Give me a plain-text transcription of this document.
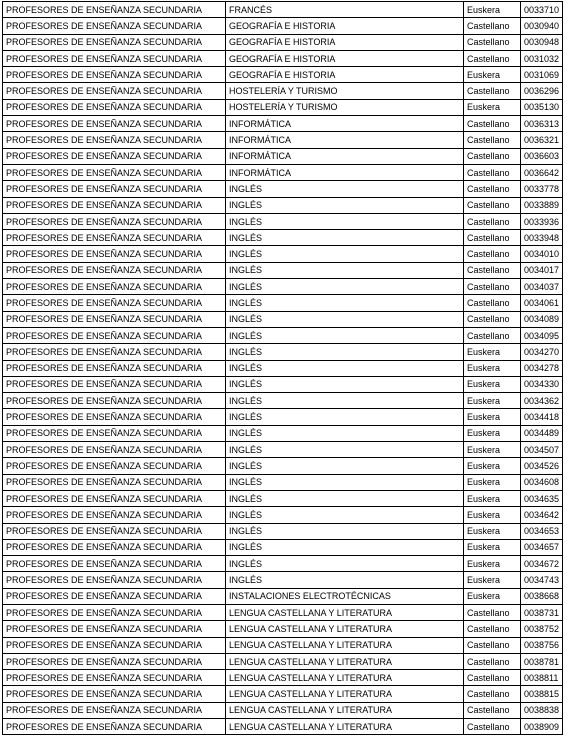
PROFESORES DE ENSEÑANZA SECUNDARIA	FRANCÉS	Euskera	0033710
PROFESORES DE ENSEÑANZA SECUNDARIA	GEOGRAFÍA E HISTORIA	Castellano	0030940
PROFESORES DE ENSEÑANZA SECUNDARIA	GEOGRAFÍA E HISTORIA	Castellano	0030948
PROFESORES DE ENSEÑANZA SECUNDARIA	GEOGRAFÍA E HISTORIA	Castellano	0031032
PROFESORES DE ENSEÑANZA SECUNDARIA	GEOGRAFÍA E HISTORIA	Euskera	0031069
PROFESORES DE ENSEÑANZA SECUNDARIA	HOSTELERÍA Y TURISMO	Castellano	0036296
PROFESORES DE ENSEÑANZA SECUNDARIA	HOSTELERÍA Y TURISMO	Euskera	0035130
PROFESORES DE ENSEÑANZA SECUNDARIA	INFORMÁTICA	Castellano	0036313
PROFESORES DE ENSEÑANZA SECUNDARIA	INFORMÁTICA	Castellano	0036321
PROFESORES DE ENSEÑANZA SECUNDARIA	INFORMÁTICA	Castellano	0036603
PROFESORES DE ENSEÑANZA SECUNDARIA	INFORMÁTICA	Castellano	0036642
PROFESORES DE ENSEÑANZA SECUNDARIA	INGLÉS	Castellano	0033778
PROFESORES DE ENSEÑANZA SECUNDARIA	INGLÉS	Castellano	0033889
PROFESORES DE ENSEÑANZA SECUNDARIA	INGLÉS	Castellano	0033936
PROFESORES DE ENSEÑANZA SECUNDARIA	INGLÉS	Castellano	0033948
PROFESORES DE ENSEÑANZA SECUNDARIA	INGLÉS	Castellano	0034010
PROFESORES DE ENSEÑANZA SECUNDARIA	INGLÉS	Castellano	0034017
PROFESORES DE ENSEÑANZA SECUNDARIA	INGLÉS	Castellano	0034037
PROFESORES DE ENSEÑANZA SECUNDARIA	INGLÉS	Castellano	0034061
PROFESORES DE ENSEÑANZA SECUNDARIA	INGLÉS	Castellano	0034089
PROFESORES DE ENSEÑANZA SECUNDARIA	INGLÉS	Castellano	0034095
PROFESORES DE ENSEÑANZA SECUNDARIA	INGLÉS	Euskera	0034270
PROFESORES DE ENSEÑANZA SECUNDARIA	INGLÉS	Euskera	0034278
PROFESORES DE ENSEÑANZA SECUNDARIA	INGLÉS	Euskera	0034330
PROFESORES DE ENSEÑANZA SECUNDARIA	INGLÉS	Euskera	0034362
PROFESORES DE ENSEÑANZA SECUNDARIA	INGLÉS	Euskera	0034418
PROFESORES DE ENSEÑANZA SECUNDARIA	INGLÉS	Euskera	0034489
PROFESORES DE ENSEÑANZA SECUNDARIA	INGLÉS	Euskera	0034507
PROFESORES DE ENSEÑANZA SECUNDARIA	INGLÉS	Euskera	0034526
PROFESORES DE ENSEÑANZA SECUNDARIA	INGLÉS	Euskera	0034608
PROFESORES DE ENSEÑANZA SECUNDARIA	INGLÉS	Euskera	0034635
PROFESORES DE ENSEÑANZA SECUNDARIA	INGLÉS	Euskera	0034642
PROFESORES DE ENSEÑANZA SECUNDARIA	INGLÉS	Euskera	0034653
PROFESORES DE ENSEÑANZA SECUNDARIA	INGLÉS	Euskera	0034657
PROFESORES DE ENSEÑANZA SECUNDARIA	INGLÉS	Euskera	0034672
PROFESORES DE ENSEÑANZA SECUNDARIA	INGLÉS	Euskera	0034743
PROFESORES DE ENSEÑANZA SECUNDARIA	INSTALACIONES ELECTROTÉCNICAS	Euskera	0038668
PROFESORES DE ENSEÑANZA SECUNDARIA	LENGUA CASTELLANA Y LITERATURA	Castellano	0038731
PROFESORES DE ENSEÑANZA SECUNDARIA	LENGUA CASTELLANA Y LITERATURA	Castellano	0038752
PROFESORES DE ENSEÑANZA SECUNDARIA	LENGUA CASTELLANA Y LITERATURA	Castellano	0038756
PROFESORES DE ENSEÑANZA SECUNDARIA	LENGUA CASTELLANA Y LITERATURA	Castellano	0038781
PROFESORES DE ENSEÑANZA SECUNDARIA	LENGUA CASTELLANA Y LITERATURA	Castellano	0038811
PROFESORES DE ENSEÑANZA SECUNDARIA	LENGUA CASTELLANA Y LITERATURA	Castellano	0038815
PROFESORES DE ENSEÑANZA SECUNDARIA	LENGUA CASTELLANA Y LITERATURA	Castellano	0038838
PROFESORES DE ENSEÑANZA SECUNDARIA	LENGUA CASTELLANA Y LITERATURA	Castellano	0038909
